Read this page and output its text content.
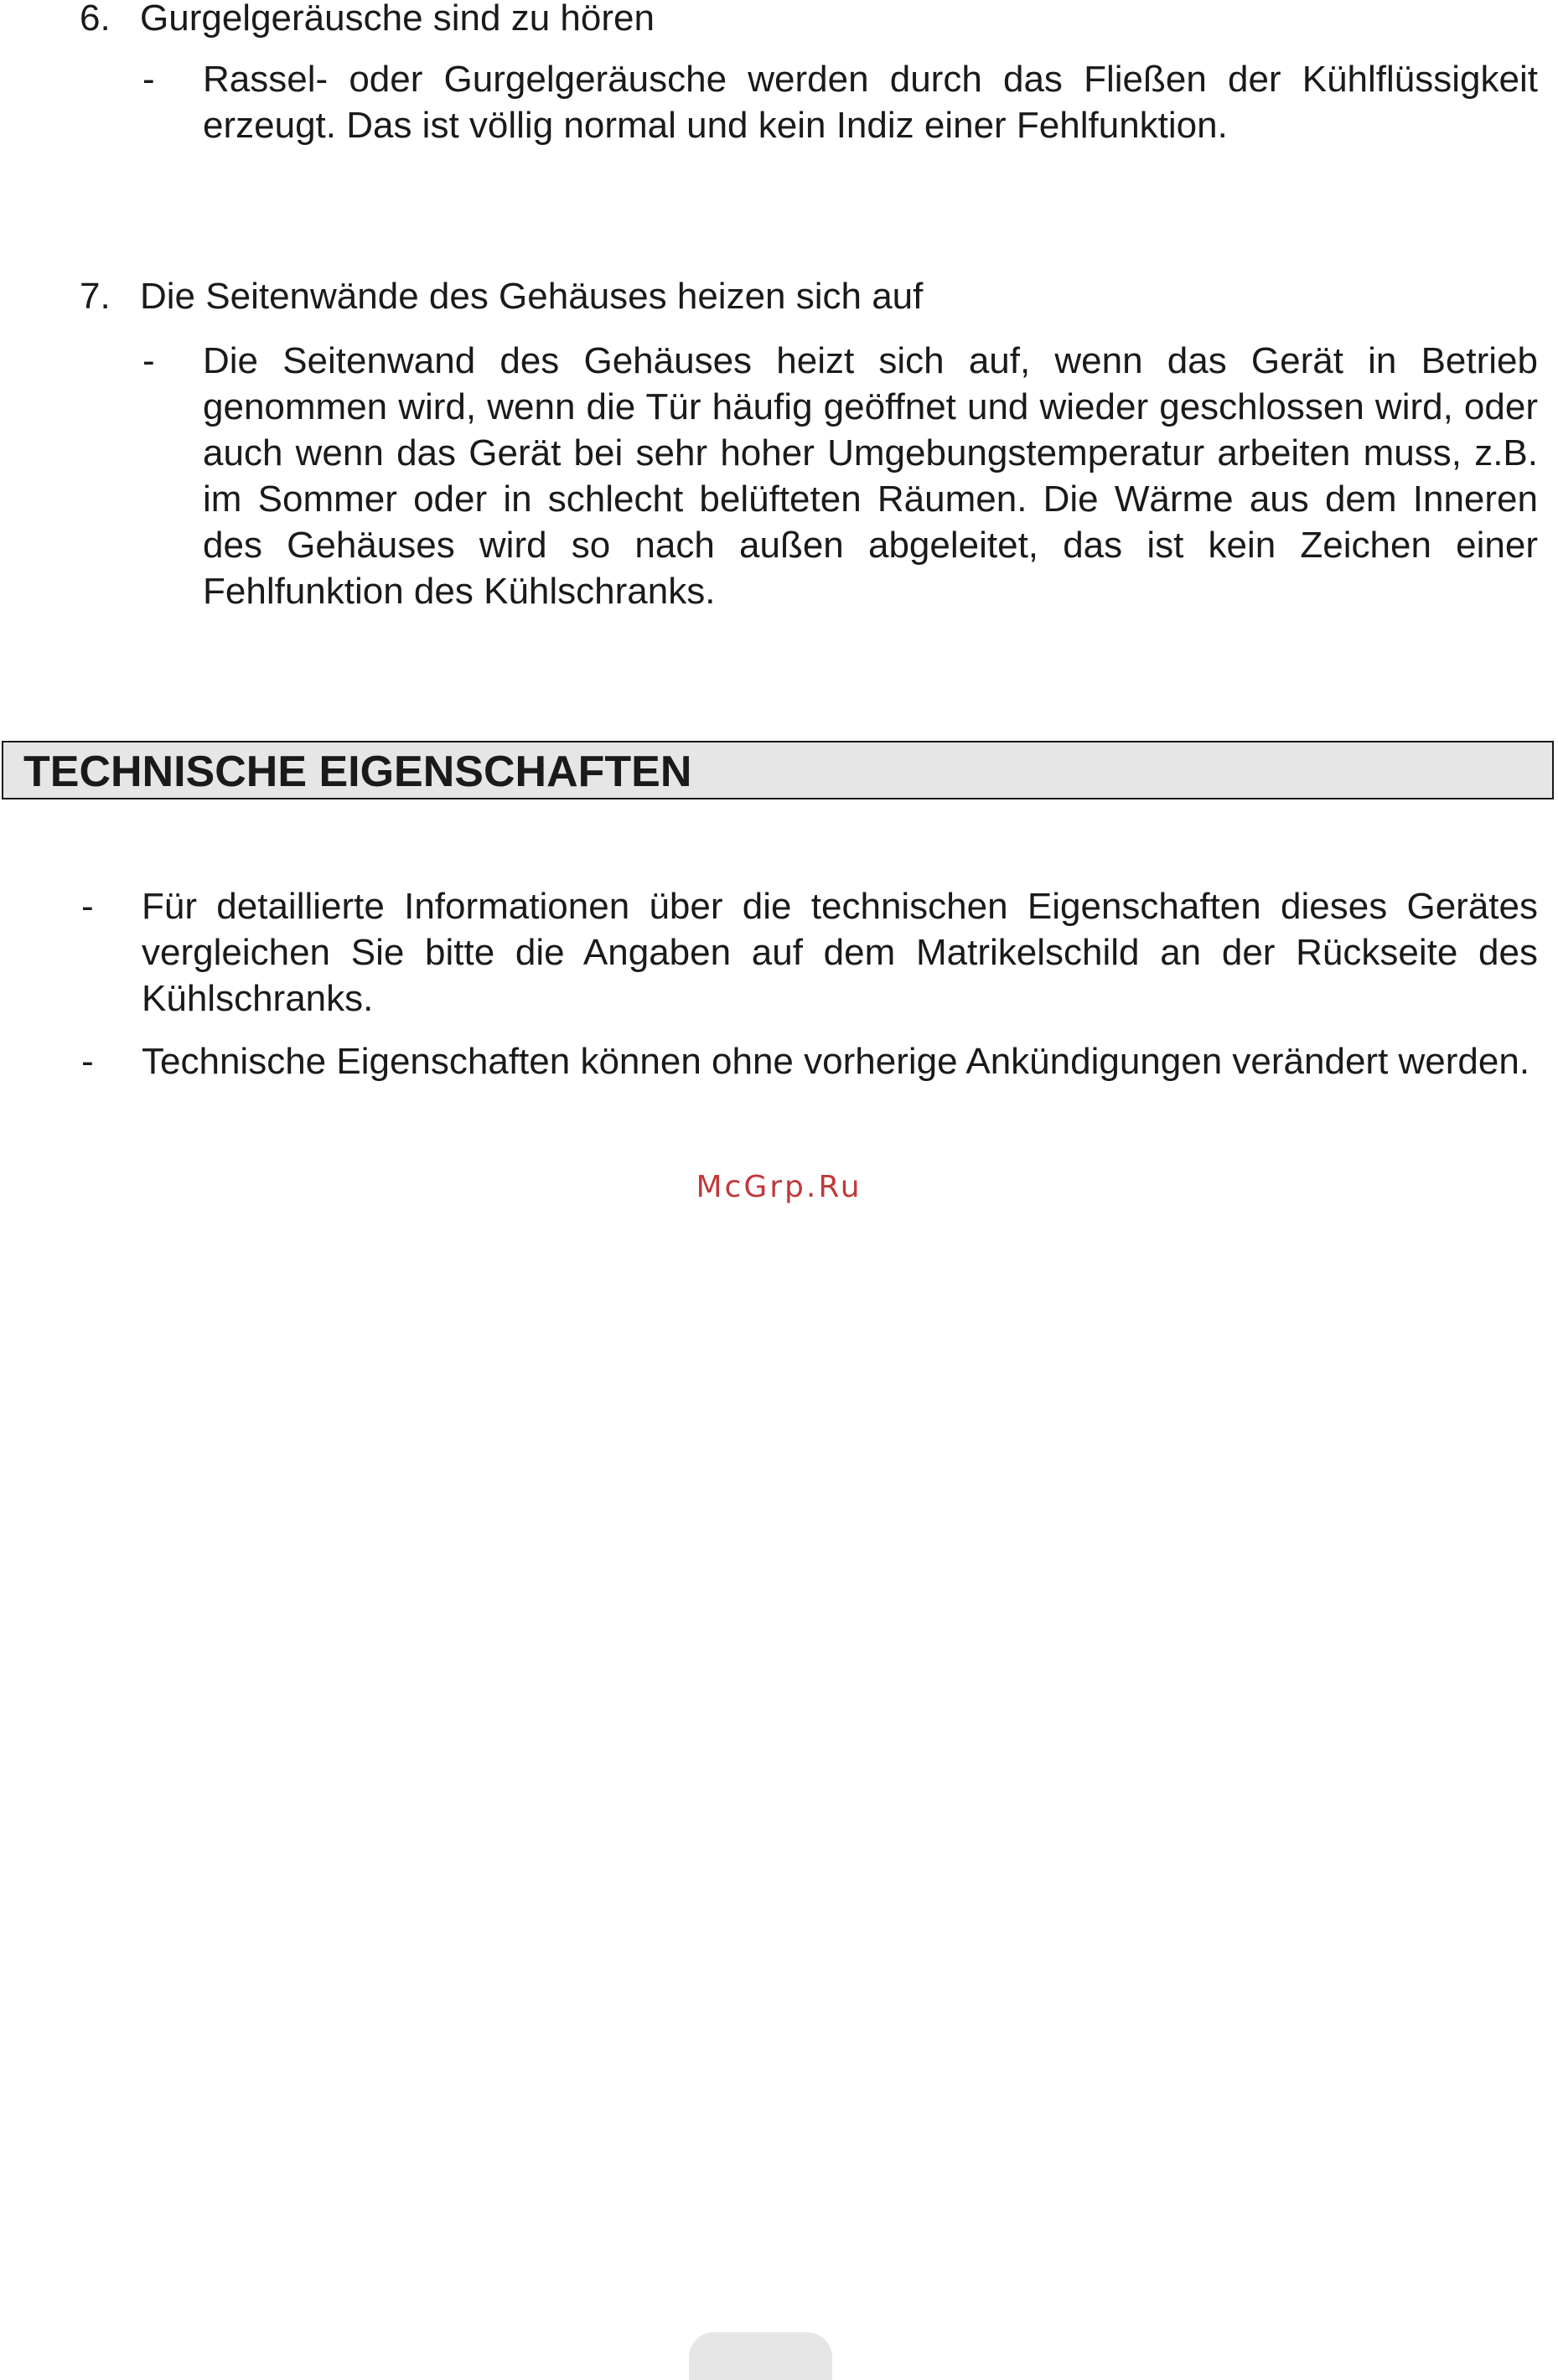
6. Gurgelgeräusche sind zu hören
- Rassel- oder Gurgelgeräusche werden durch das Fließen der Kühlflüssigkeit erzeugt. Das ist völlig normal und kein Indiz einer Fehlfunktion.
7. Die Seitenwände des Gehäuses heizen sich auf
- Die Seitenwand des Gehäuses heizt sich auf, wenn das Gerät in Betrieb genommen wird, wenn die Tür häufig geöffnet und wieder geschlossen wird, oder auch wenn das Gerät bei sehr hoher Umgebungstemperatur arbeiten muss, z.B. im Sommer oder in schlecht belüfteten Räumen. Die Wärme aus dem Inneren des Gehäuses wird so nach außen abgeleitet, das ist kein Zeichen einer Fehlfunktion des Kühlschranks.
TECHNISCHE EIGENSCHAFTEN
- Für detaillierte Informationen über die technischen Eigenschaften dieses Gerätes vergleichen Sie bitte die Angaben auf dem Matrikelschild an der Rückseite des Kühlschranks.
- Technische Eigenschaften können ohne vorherige Ankündigungen verändert werden.
McGrp.Ru
